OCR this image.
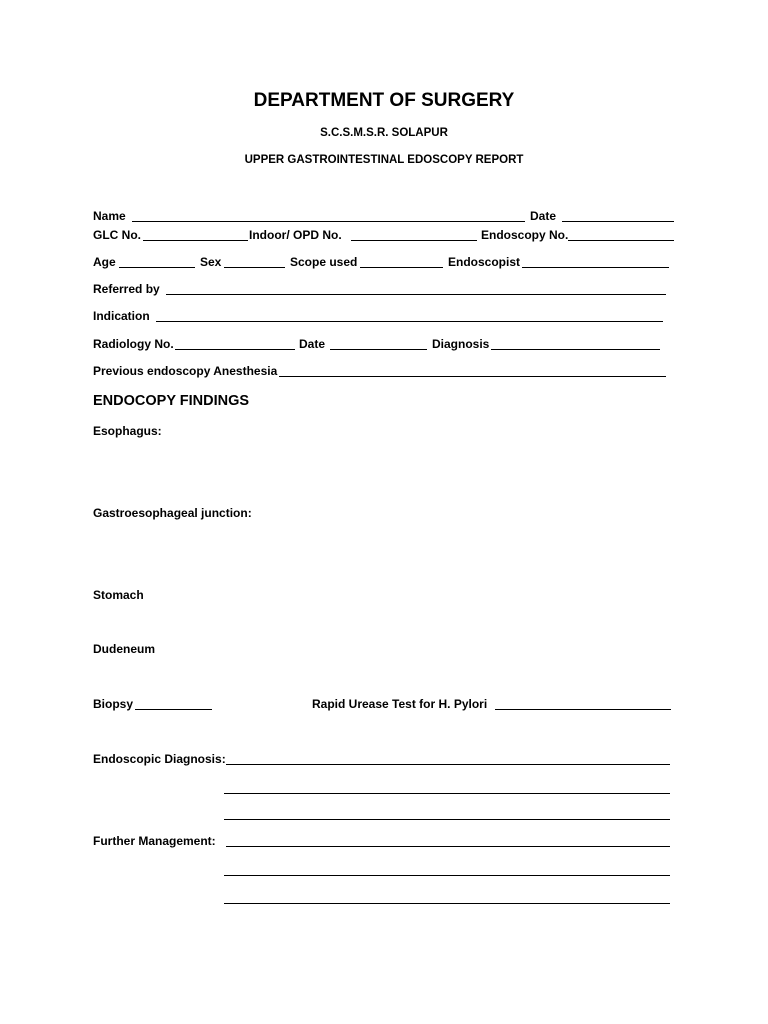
DEPARTMENT OF SURGERY
S.C.S.M.S.R. SOLAPUR
UPPER GASTROINTESTINAL EDOSCOPY REPORT
Name	Date
GLC No.	Indoor/ OPD No.	Endoscopy No.
Age	Sex	Scope used	Endoscopist
Referred by
Indication
Radiology No.	Date	Diagnosis
Previous endoscopy Anesthesia
ENDOCOPY FINDINGS
Esophagus:
Gastroesophageal junction:
Stomach
Dudeneum
Biopsy	Rapid Urease Test for H. Pylori
Endoscopic Diagnosis:
Further Management:
